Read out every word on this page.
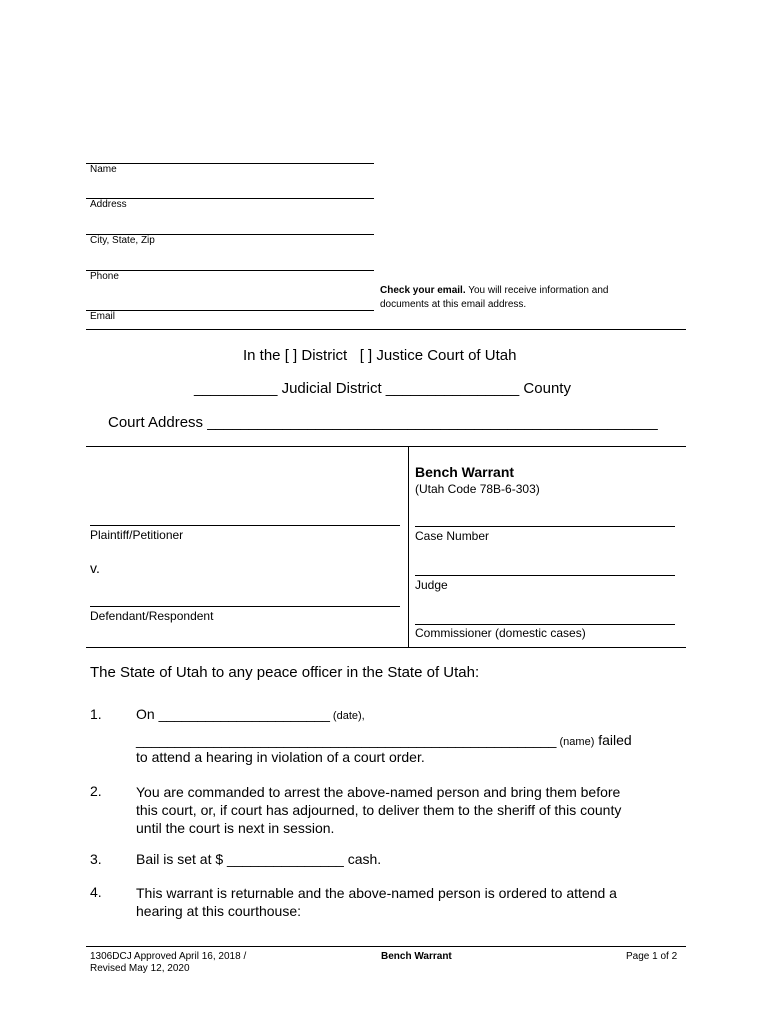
Name
Address
City, State, Zip
Phone
Email
Check your email. You will receive information and
documents at this email address.
In the [ ] District   [ ] Justice Court of Utah
__________ Judicial District ________________ County
Court Address ______________________________________________________
Bench Warrant
(Utah Code 78B-6-303)
Plaintiff/Petitioner
v.
Defendant/Respondent
Case Number
Judge
Commissioner (domestic cases)
The State of Utah to any peace officer in the State of Utah:
1. On ______________________ (date),
______________________________________________________ (name) failed
to attend a hearing in violation of a court order.
2. You are commanded to arrest the above-named person and bring them before
this court, or, if court has adjourned, to deliver them to the sheriff of this county
until the court is next in session.
3. Bail is set at $ _______________ cash.
4. This warrant is returnable and the above-named person is ordered to attend a
hearing at this courthouse:
1306DCJ Approved April 16, 2018 /
Revised May 12, 2020
Bench Warrant	Page 1 of 2
